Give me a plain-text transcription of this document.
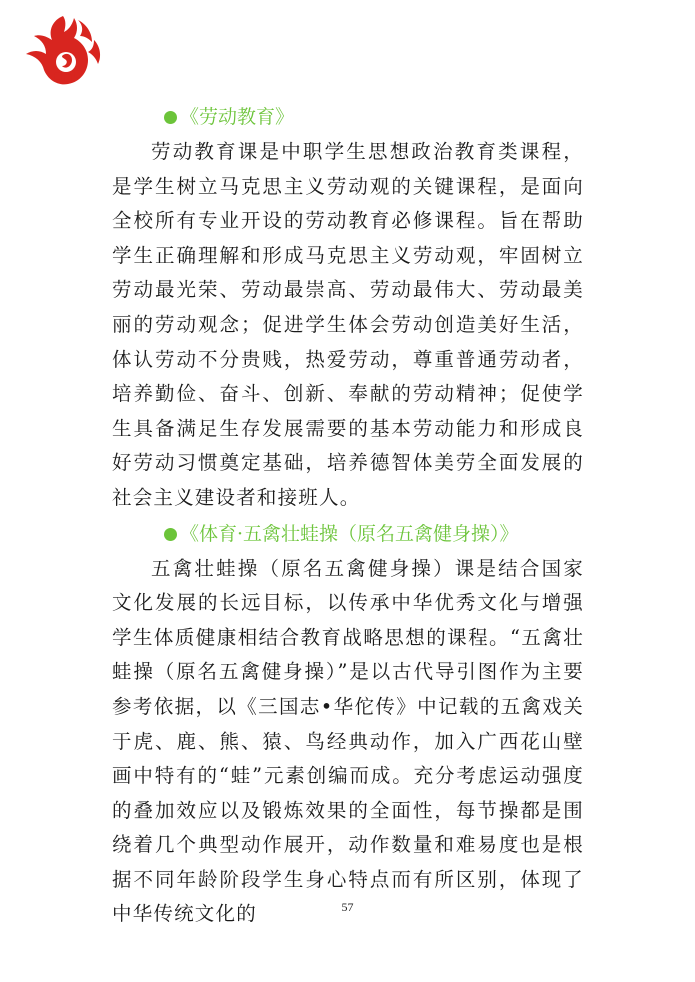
《劳动教育》

劳动教育课是中职学生思想政治教育类课程，是学生树立马克思主义劳动观的关键课程，是面向全校所有专业开设的劳动教育必修课程。旨在帮助学生正确理解和形成马克思主义劳动观，牢固树立劳动最光荣、劳动最崇高、劳动最伟大、劳动最美丽的劳动观念；促进学生体会劳动创造美好生活，体认劳动不分贵贱，热爱劳动，尊重普通劳动者，培养勤俭、奋斗、创新、奉献的劳动精神；促使学生具备满足生存发展需要的基本劳动能力和形成良好劳动习惯奠定基础，培养德智体美劳全面发展的社会主义建设者和接班人。

《体育·五禽壮蛙操（原名五禽健身操）》

五禽壮蛙操（原名五禽健身操）课是结合国家文化发展的长远目标，以传承中华优秀文化与增强学生体质健康相结合教育战略思想的课程。“五禽壮蛙操（原名五禽健身操）”是以古代导引图作为主要参考依据，以《三国志•华佗传》中记载的五禽戏关于虎、鹿、熊、猿、鸟经典动作，加入广西花山壁画中特有的“蛙”元素创编而成。充分考虑运动强度的叠加效应以及锻炼效果的全面性，每节操都是围绕着几个典型动作展开，动作数量和难易度也是根据不同年龄阶段学生身心特点而有所区别，体现了中华传统文化的	57
